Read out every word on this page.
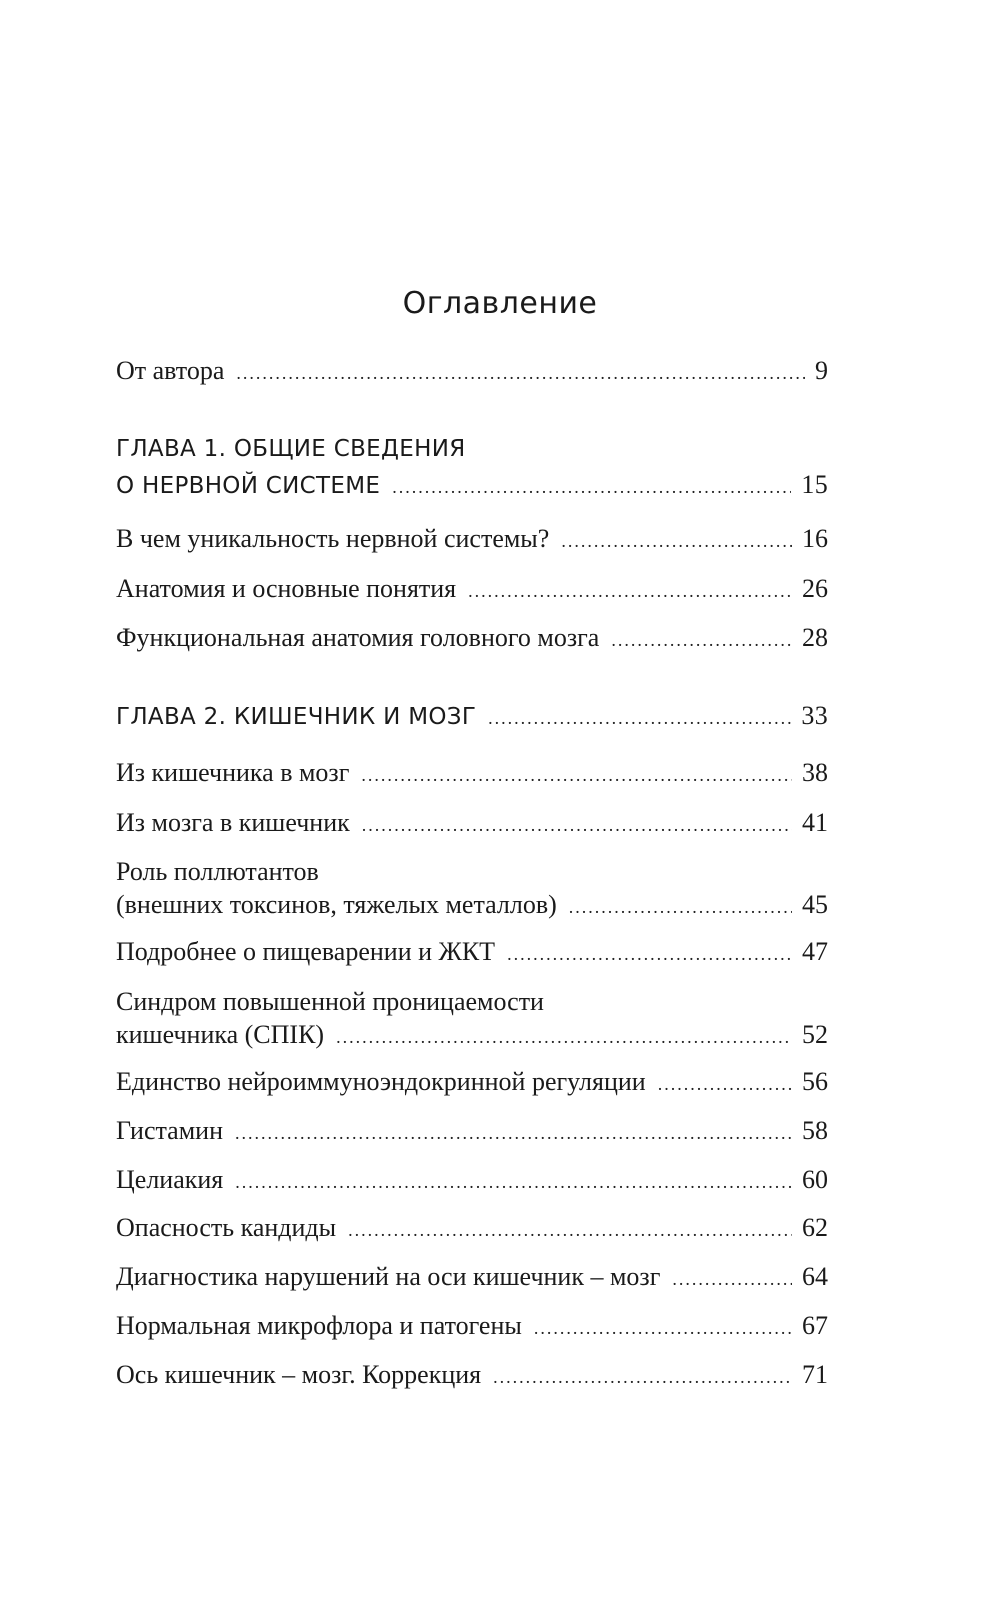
Оглавление
От автора .....	9
ГЛАВА 1. ОБЩИЕ СВЕДЕНИЯ
О НЕРВНОЙ СИСТЕМЕ .....	15
В чем уникальность нервной системы? .....	16
Анатомия и основные понятия .....	26
Функциональная анатомия головного мозга .....	28
ГЛАВА 2. КИШЕЧНИК И МОЗГ .....	33
Из кишечника в мозг .....	38
Из мозга в кишечник .....	41
Роль поллютантов
(внешних токсинов, тяжелых металлов) .....	45
Подробнее о пищеварении и ЖКТ .....	47
Синдром повышенной проницаемости
кишечника (СПІК) .....	52
Единство нейроиммуноэндокринной регуляции .....	56
Гистамин .....	58
Целиакия .....	60
Опасность кандиды .....	62
Диагностика нарушений на оси кишечник – мозг .....	64
Нормальная микрофлора и патогены .....	67
Ось кишечник – мозг. Коррекция .....	71
